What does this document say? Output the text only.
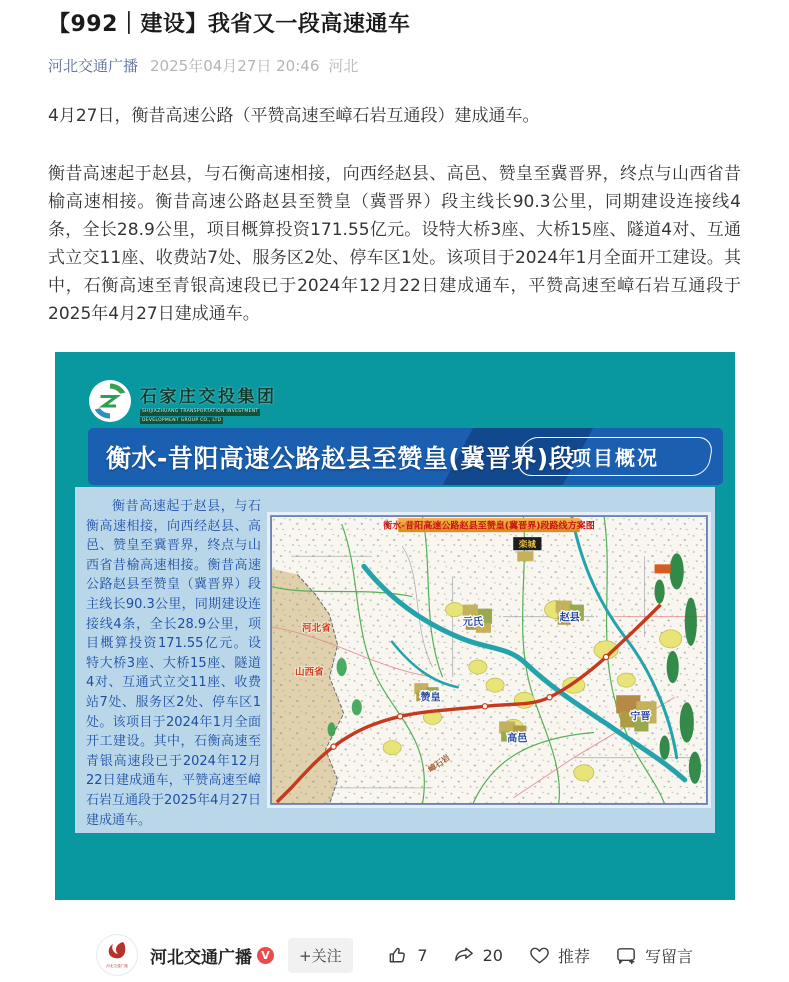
【992｜建设】我省又一段高速通车
河北交通广播 2025年04月27日 20:46 河北

4月27日，衡昔高速公路（平赞高速至嶂石岩互通段）建成通车。

衡昔高速起于赵县，与石衡高速相接，向西经赵县、高邑、赞皇至冀晋界，终点与山西省昔榆高速相接。衡昔高速公路赵县至赞皇（冀晋界）段主线长90.3公里，同期建设连接线4条，全长28.9公里，项目概算投资171.55亿元。设特大桥3座、大桥15座、隧道4对、互通式立交11座、收费站7处、服务区2处、停车区1处。该项目于2024年1月全面开工建设。其中，石衡高速至青银高速段已于2024年12月22日建成通车，平赞高速至嶂石岩互通段于2025年4月27日建成通车。

石家庄交投集团
SHIJIAZHUANG TRANSPORTATION INVESTMENT
DEVELOPMENT GROUP CO., LTD
衡水-昔阳高速公路赵县至赞皇(冀晋界)段
项目概况

衡昔高速起于赵县，与石衡高速相接，向西经赵县、高邑、赞皇至冀晋界，终点与山西省昔榆高速相接。衡昔高速公路赵县至赞皇（冀晋界）段主线长90.3公里，同期建设连接线4条，全长28.9公里，项目概算投资171.55亿元。设特大桥3座、大桥15座、隧道4对、互通式立交11座、收费站7处、服务区2处、停车区1处。该项目于2024年1月全面开工建设。其中，石衡高速至青银高速段已于2024年12月22日建成通车，平赞高速至嶂石岩互通段于2025年4月27日建成通车。

衡水-昔阳高速公路赵县至赞皇(冀晋界)段路线方案图
栾城
元氏	赵县
赞皇
高邑
宁晋
河北省
山西省
嶂石岩
河北交通广播 河北交通广播 V	+关注	7	20	推荐	写留言
